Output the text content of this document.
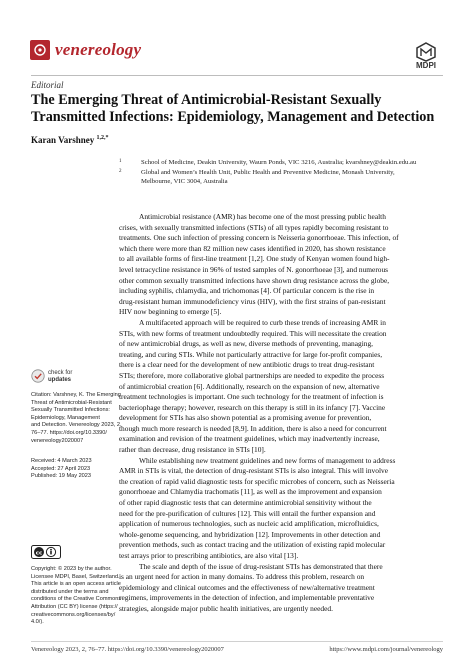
venereology
MDPI
Editorial
The Emerging Threat of Antimicrobial-Resistant Sexually
Transmitted Infections: Epidemiology, Management and Detection
Karan Varshney $^{1,2,*}$
1	School of Medicine, Deakin University, Waurn Ponds, VIC 3216, Australia; kvarshney@deakin.edu.au
2	Global and Women’s Health Unit, Public Health and Preventive Medicine, Monash University,
Melbourne, VIC 3004, Australia
Antimicrobial resistance (AMR) has become one of the most pressing public health
crises, with sexually transmitted infections (STIs) of all types rapidly becoming resistant to
treatments. One such infection of pressing concern is Neisseria gonorrhoeae. This infection, of
which there were more than 82 million new cases identified in 2020, has shown resistance
to all available forms of first-line treatment [1,2]. One study of Kenyan women found high-
level tetracycline resistance in 96% of tested samples of N. gonorrhoeae [3], and numerous
other common sexually transmitted infections have shown drug resistance across the globe,
including syphilis, chlamydia, and trichomonas [4]. Of particular concern is the rise in
drug-resistant human immunodeficiency virus (HIV), with the first strains of pan-resistant
HIV now beginning to emerge [5].
A multifaceted approach will be required to curb these trends of increasing AMR in
STIs, with new forms of treatment undoubtedly required. This will necessitate the creation
of new antimicrobial drugs, as well as new, diverse methods of preventing, managing,
treating, and curing STIs. While not particularly attractive for large for-profit companies,
there is a clear need for the development of new antibiotic drugs to treat drug-resistant
STIs; therefore, more collaborative global partnerships are needed to expedite the process
of antimicrobial creation [6]. Additionally, research on the expansion of new, alternative
treatment technologies is important. One such technology for the treatment of infection is
bacteriophage therapy; however, research on this therapy is still in its infancy [7]. Vaccine
development for STIs has also shown potential as a promising avenue for prevention,
though much more research is needed [8,9]. In addition, there is also a need for concurrent
examination and revision of the treatment guidelines, which may inadvertently increase,
rather than decrease, drug resistance in STIs [10].
While establishing new treatment guidelines and new forms of management to address
AMR in STIs is vital, the detection of drug-resistant STIs is also integral. This will involve
the creation of rapid valid diagnostic tests for specific microbes of concern, such as Neisseria
gonorrhoeae and Chlamydia trachomatis [11], as well as the improvement and expansion
of other rapid diagnostic tests that can determine antimicrobial sensitivity without the
need for the pre-purification of cultures [12]. This will entail the further expansion and
application of numerous technologies, such as nucleic acid amplification, microfluidics,
whole-genome sequencing, and hybridization [12]. Improvements in other detection and
prevention methods, such as contact tracing and the utilization of existing rapid molecular
test arrays prior to prescribing antibiotics, are also vital [13].
The scale and depth of the issue of drug-resistant STIs has demonstrated that there
is an urgent need for action in many domains. To address this problem, research on
epidemiology and clinical outcomes and the effectiveness of new/alternative treatment
regimens, improvements in the detection of infection, and implementable preventative
strategies, alongside major public health initiatives, are urgently needed.
check for
updates
Citation: Varshney, K. The Emerging
Threat of Antimicrobial-Resistant
Sexually Transmitted Infections:
Epidemiology, Management
and Detection. Venereology 2023, 2,
76–77. https://doi.org/10.3390/
venereology2020007
Received: 4 March 2023
Accepted: 27 April 2023
Published: 19 May 2023
cc
Copyright: © 2023 by the author.
Licensee MDPI, Basel, Switzerland.
This article is an open access article
distributed under the terms and
conditions of the Creative Commons
Attribution (CC BY) license (https://
creativecommons.org/licenses/by/
4.0/).
Venereology 2023, 2, 76–77. https://doi.org/10.3390/venereology2020007	https://www.mdpi.com/journal/venereology
